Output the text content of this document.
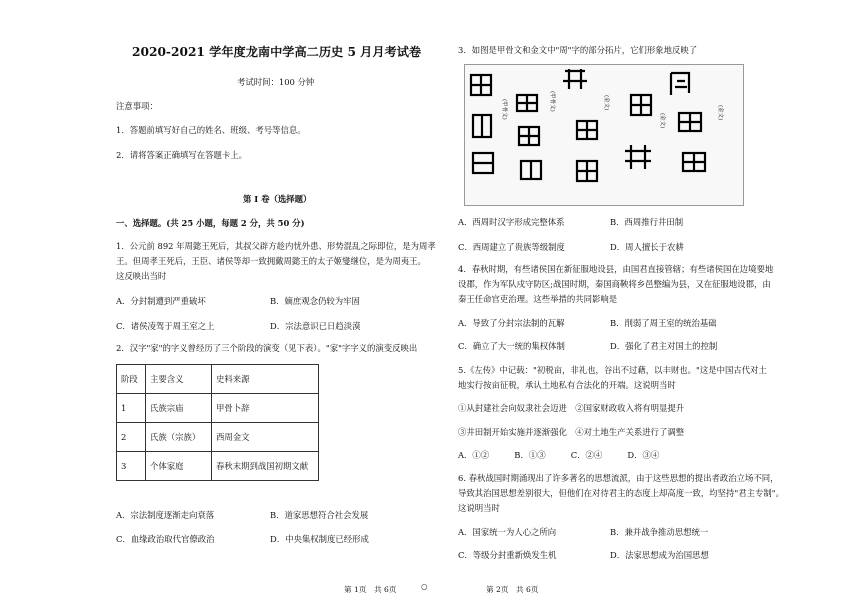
2020-2021 学年度龙南中学高二历史 5 月月考试卷
考试时间：100 分钟
注意事项：
1．答题前填写好自己的姓名、班级、考号等信息。
2．请将答案正确填写在答题卡上。
第 I 卷（选择题）
一、选择题。(共 25 小题，每题 2 分，共 50 分)
1．公元前 892 年周懿王死后，其叔父辟方趁内忧外患、形势混乱之际即位，是为周孝
王。但周孝王死后，王臣、诸侯等却一致拥戴周懿王的太子姬燮继位，是为周夷王。
这反映出当时
A．分封制遭到严重破坏	B．嫡庶观念仍较为牢固
C．诸侯凌驾于周王室之上	D．宗法意识已日趋淡漠
2．汉字"家"的字义曾经历了三个阶段的演变（见下表）。"家"字字义的演变反映出
阶段	主要含义	史料来源
1	氏族宗庙	甲骨卜辞
2	氏族（宗族）	西周金文
3	个体家庭	春秋末期到战国初期文献
A．宗法制度逐渐走向衰落	B．道家思想符合社会发展
C．血缘政治取代官僚政治	D．中央集权制度已经形成
3．如图是甲骨文和金文中"周"字的部分拓片，它们形象地反映了
(甲骨文)	(甲骨文)	(金文)
(金文)
(金文)
A．西周时汉字形成完整体系	B．西周推行井田制
C．西周建立了贵族等级制度	D．周人擅长于农耕
4．春秋时期，有些诸侯国在新征服地设县，由国君直接管辖；有些诸侯国在边境要地
设郡，作为军队戍守防区;战国时期，秦国商鞅将乡邑整编为县，又在征服地设郡，由
秦王任命官吏治理。这些举措的共同影响是
A．导致了分封宗法制的瓦解	B．削弱了周王室的统治基础
C．确立了大一统的集权体制	D．强化了君主对国土的控制
5.《左传》中记载："初税亩，非礼也，谷出不过藉，以丰财也。"这是中国古代对土
地实行按亩征税，承认土地私有合法化的开端。这说明当时
①从封建社会向奴隶社会迈进　②国家财政收入将有明显提升
③井田制开始实施并逐渐强化　④对土地生产关系进行了调整
A．①②　　　B．①③　　　C．②④　　　D．③④
6. 春秋战国时期涌现出了许多著名的思想流派，由于这些思想的提出者政治立场不同，
导致其治国思想差别很大，但他们在对待君主的态度上却高度一致，均坚持"君主专制"。
这说明当时
A．国家统一为人心之所向	B．兼并战争推动思想统一
C．等级分封重新焕发生机	D．法家思想成为治国思想
第 1页　共 6页	○	第 2页　共 6页
